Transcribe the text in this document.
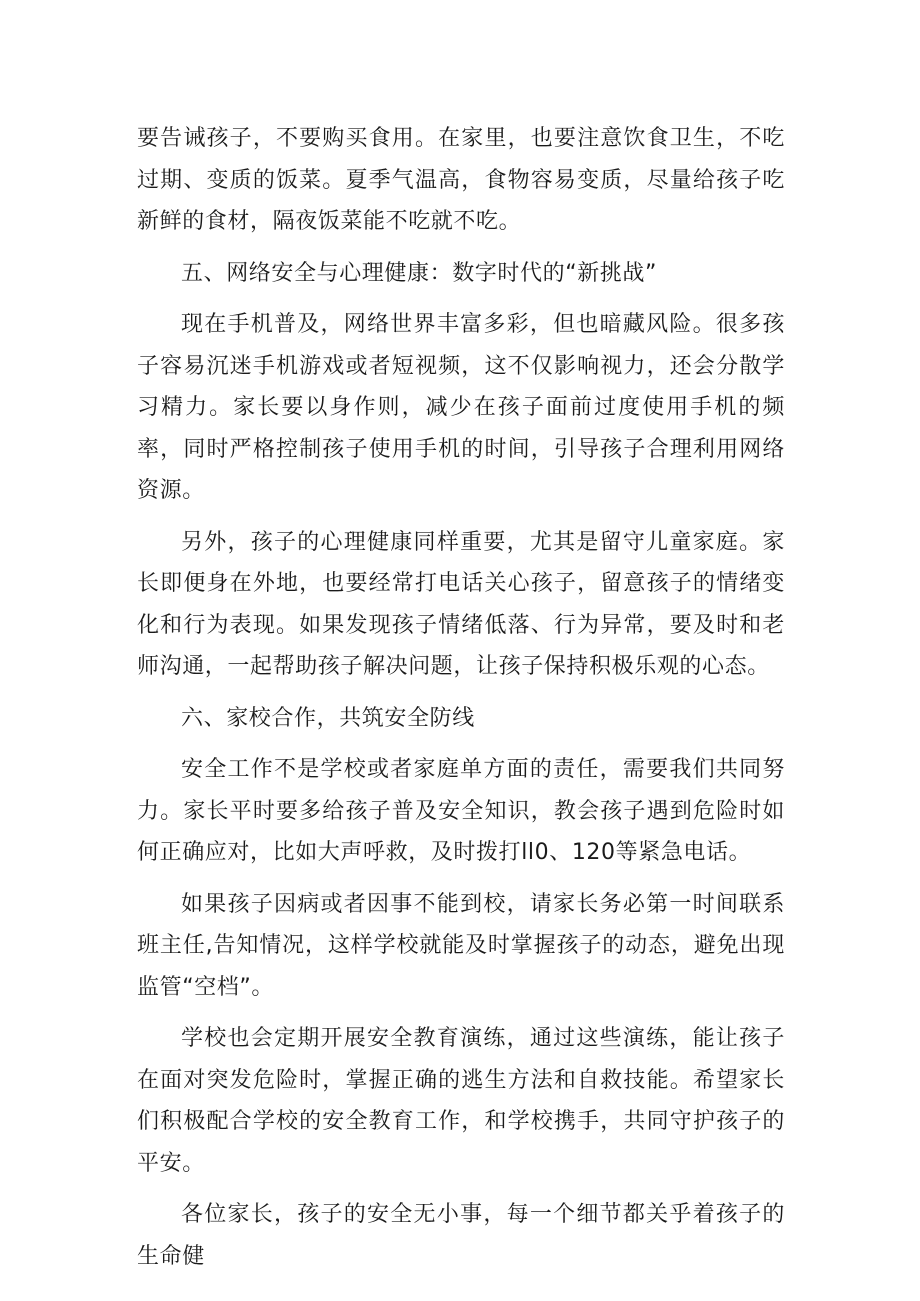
要告诫孩子，不要购买食用。在家里，也要注意饮食卫生，不吃过期、变质的饭菜。夏季气温高，食物容易变质，尽量给孩子吃新鲜的食材，隔夜饭菜能不吃就不吃。

五、网络安全与心理健康：数字时代的“新挑战”

现在手机普及，网络世界丰富多彩，但也暗藏风险。很多孩子容易沉迷手机游戏或者短视频，这不仅影响视力，还会分散学习精力。家长要以身作则，减少在孩子面前过度使用手机的频率，同时严格控制孩子使用手机的时间，引导孩子合理利用网络资源。

另外，孩子的心理健康同样重要，尤其是留守儿童家庭。家长即便身在外地，也要经常打电话关心孩子，留意孩子的情绪变化和行为表现。如果发现孩子情绪低落、行为异常，要及时和老师沟通，一起帮助孩子解决问题，让孩子保持积极乐观的心态。

六、家校合作，共筑安全防线

安全工作不是学校或者家庭单方面的责任，需要我们共同努力。家长平时要多给孩子普及安全知识，教会孩子遇到危险时如何正确应对，比如大声呼救，及时拨打ll0、120等紧急电话。

如果孩子因病或者因事不能到校，请家长务必第一时间联系班主任,告知情况，这样学校就能及时掌握孩子的动态，避免出现监管“空档”。

学校也会定期开展安全教育演练，通过这些演练，能让孩子在面对突发危险时，掌握正确的逃生方法和自救技能。希望家长们积极配合学校的安全教育工作，和学校携手，共同守护孩子的平安。

各位家长，孩子的安全无小事，每一个细节都关乎着孩子的生命健
